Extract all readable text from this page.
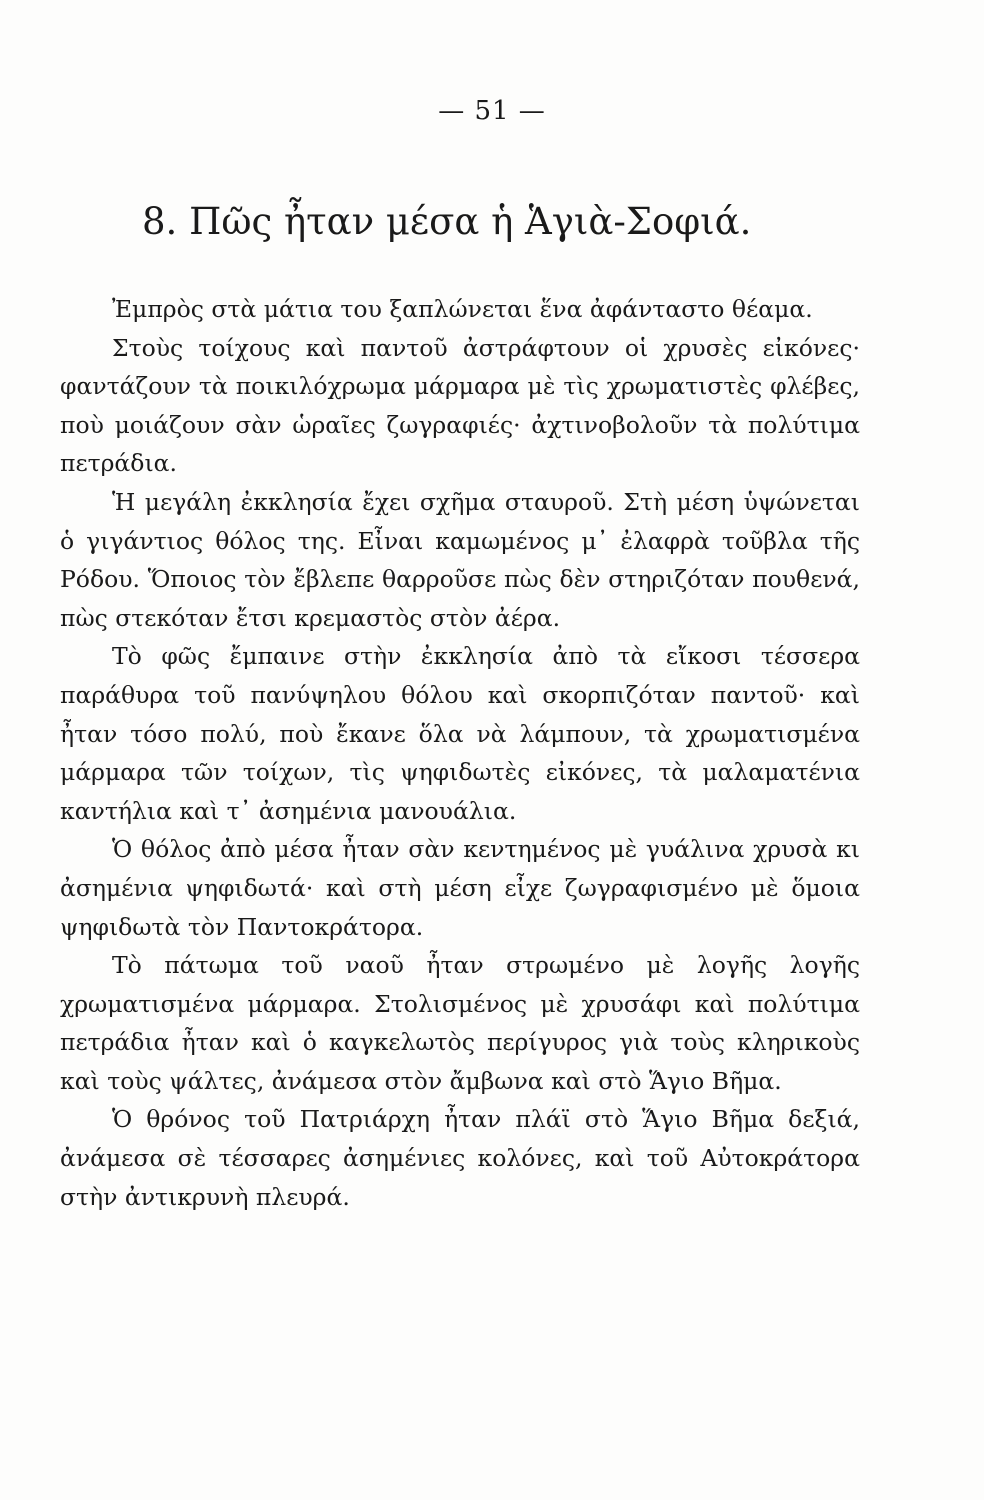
— 51 —
8. Πῶς ἦταν μέσα ἡ Ἁγιὰ-Σοφιά.

Ἐμπρὸς στὰ μάτια του ξαπλώνεται ἕνα ἀφάνταστο θέαμα.

Στοὺς τοίχους καὶ παντοῦ ἀστράφτουν οἱ χρυσὲς εἰκόνες· φαντάζουν τὰ ποικιλόχρωμα μάρμαρα μὲ τὶς χρωματιστὲς φλέβες, ποὺ μοιάζουν σὰν ὡραῖες ζωγραφιές· ἀχτινοβολοῦν τὰ πολύτιμα πετράδια.

Ἡ μεγάλη ἐκκλησία ἔχει σχῆμα σταυροῦ. Στὴ μέση ὑψώνεται ὁ γιγάντιος θόλος της. Εἶναι καμωμένος μ᾿ ἐλαφρὰ τοῦβλα τῆς Ρόδου. Ὅποιος τὸν ἔβλεπε θαρροῦσε πὼς δὲν στηριζόταν πουθενά, πὼς στεκόταν ἔτσι κρεμαστὸς στὸν ἀέρα.

Τὸ φῶς ἔμπαινε στὴν ἐκκλησία ἀπὸ τὰ εἴκοσι τέσσερα παράθυρα τοῦ πανύψηλου θόλου καὶ σκορπιζόταν παντοῦ· καὶ ἦταν τόσο πολύ, ποὺ ἔκανε ὅλα νὰ λάμπουν, τὰ χρωματισμένα μάρμαρα τῶν τοίχων, τὶς ψηφιδωτὲς εἰκόνες, τὰ μαλαματένια καντήλια καὶ τ᾿ ἀσημένια μανουάλια.

Ὁ θόλος ἀπὸ μέσα ἦταν σὰν κεντημένος μὲ γυάλινα χρυσὰ κι ἀσημένια ψηφιδωτά· καὶ στὴ μέση εἶχε ζωγραφισμένο μὲ ὅμοια ψηφιδωτὰ τὸν Παντοκράτορα.

Τὸ πάτωμα τοῦ ναοῦ ἦταν στρωμένο μὲ λογῆς λογῆς χρωματισμένα μάρμαρα. Στολισμένος μὲ χρυσάφι καὶ πολύτιμα πετράδια ἦταν καὶ ὁ καγκελωτὸς περίγυρος γιὰ τοὺς κληρικοὺς καὶ τοὺς ψάλτες, ἀνάμεσα στὸν ἄμβωνα καὶ στὸ Ἅγιο Βῆμα.

Ὁ θρόνος τοῦ Πατριάρχη ἦταν πλάϊ στὸ Ἅγιο Βῆμα δεξιά, ἀνάμεσα σὲ τέσσαρες ἀσημένιες κολόνες, καὶ τοῦ Αὐτοκράτορα στὴν ἀντικρυνὴ πλευρά.
